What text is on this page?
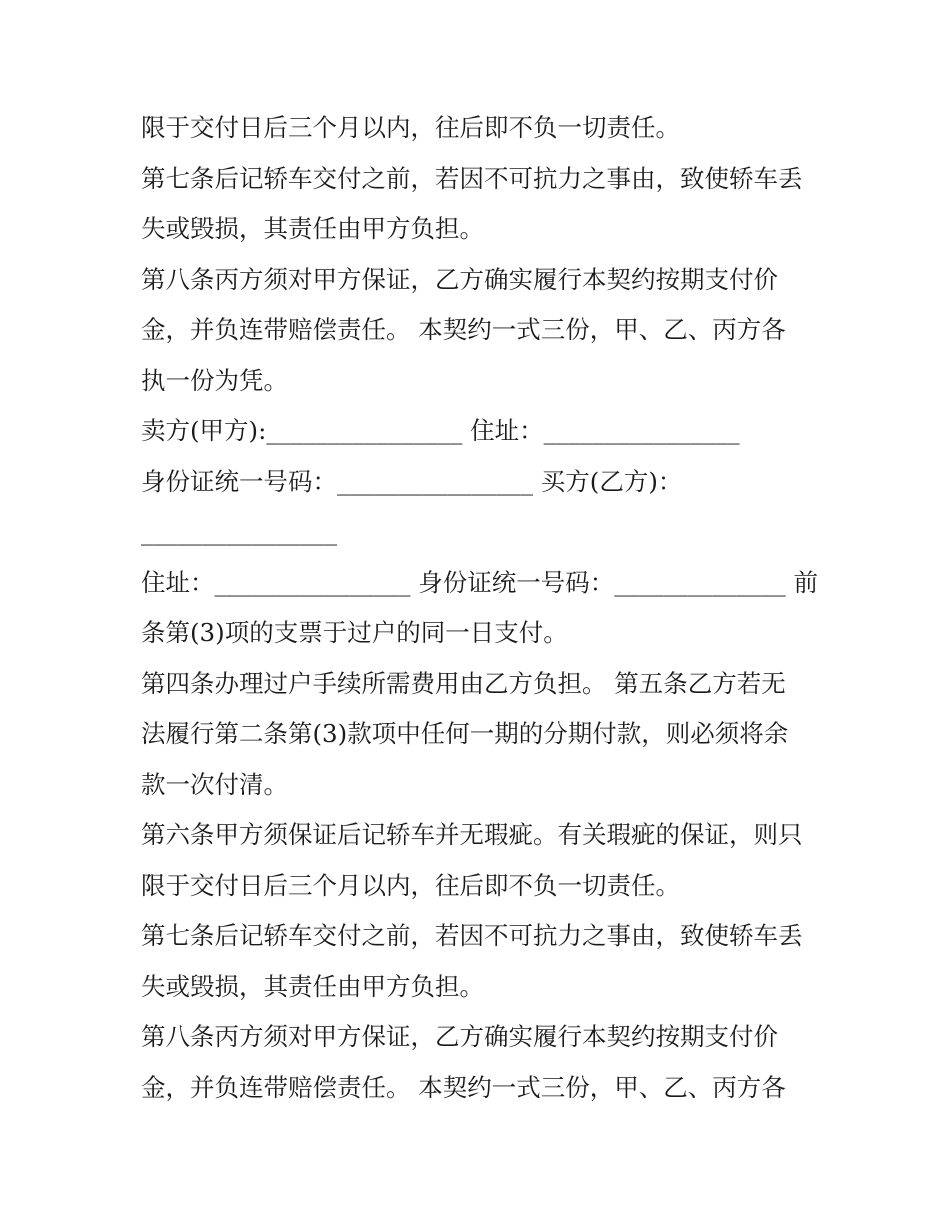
限于交付日后三个月以内，往后即不负一切责任。
第七条后记轿车交付之前，若因不可抗力之事由，致使轿车丢
失或毁损，其责任由甲方负担。
第八条丙方须对甲方保证，乙方确实履行本契约按期支付价
金，并负连带赔偿责任。 本契约一式三份，甲、乙、丙方各
执一份为凭。
卖方(甲方):________________ 住址：________________
身份证统一号码：________________ 买方(乙方)：
________________
住址：________________ 身份证统一号码：______________ 前
条第(3)项的支票于过户的同一日支付。
第四条办理过户手续所需费用由乙方负担。 第五条乙方若无
法履行第二条第(3)款项中任何一期的分期付款，则必须将余
款一次付清。
第六条甲方须保证后记轿车并无瑕疵。有关瑕疵的保证，则只
限于交付日后三个月以内，往后即不负一切责任。
第七条后记轿车交付之前，若因不可抗力之事由，致使轿车丢
失或毁损，其责任由甲方负担。
第八条丙方须对甲方保证，乙方确实履行本契约按期支付价
金，并负连带赔偿责任。 本契约一式三份，甲、乙、丙方各
